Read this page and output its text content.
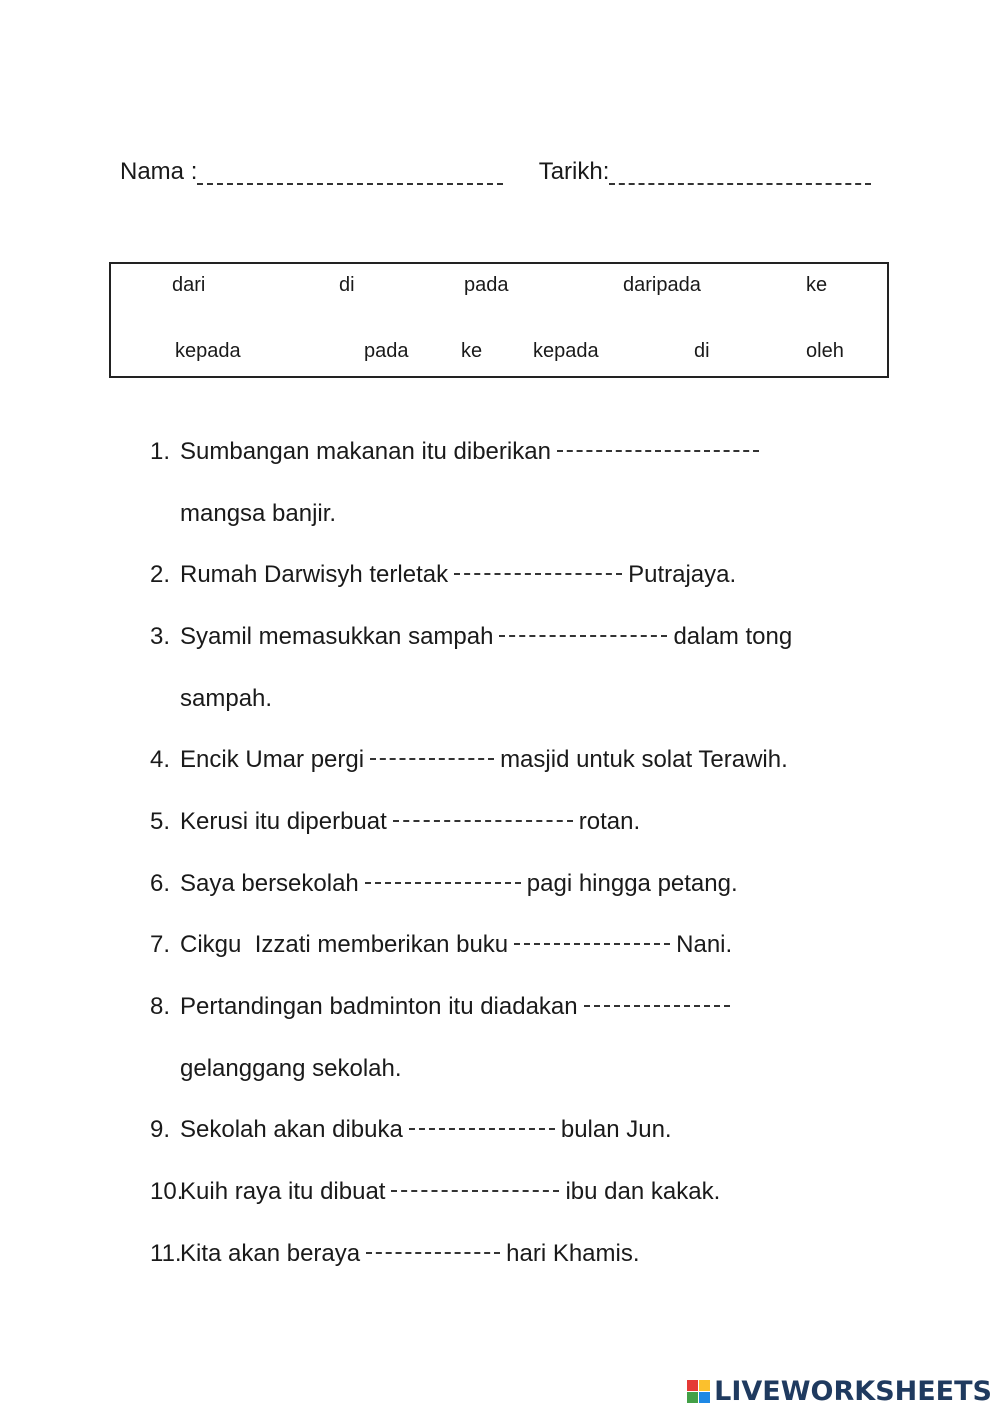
Nama :	Tarikh:
dari	di	pada	daripada	ke
kepada	pada	ke	kepada	di	oleh
1. Sumbangan makanan itu diberikan
mangsa banjir.
2. Rumah Darwisyh terletak	Putrajaya.
3. Syamil memasukkan sampah	dalam tong
sampah.
4. Encik Umar pergi	masjid untuk solat Terawih.
5. Kerusi itu diperbuat	rotan.
6. Saya bersekolah	pagi hingga petang.
7. Cikgu  Izzati memberikan buku	Nani.
8. Pertandingan badminton itu diadakan
gelanggang sekolah.
9. Sekolah akan dibuka	bulan Jun.
10.Kuih raya itu dibuat	ibu dan kakak.
11.Kita akan beraya	hari Khamis.
LIVEWORKSHEETS
